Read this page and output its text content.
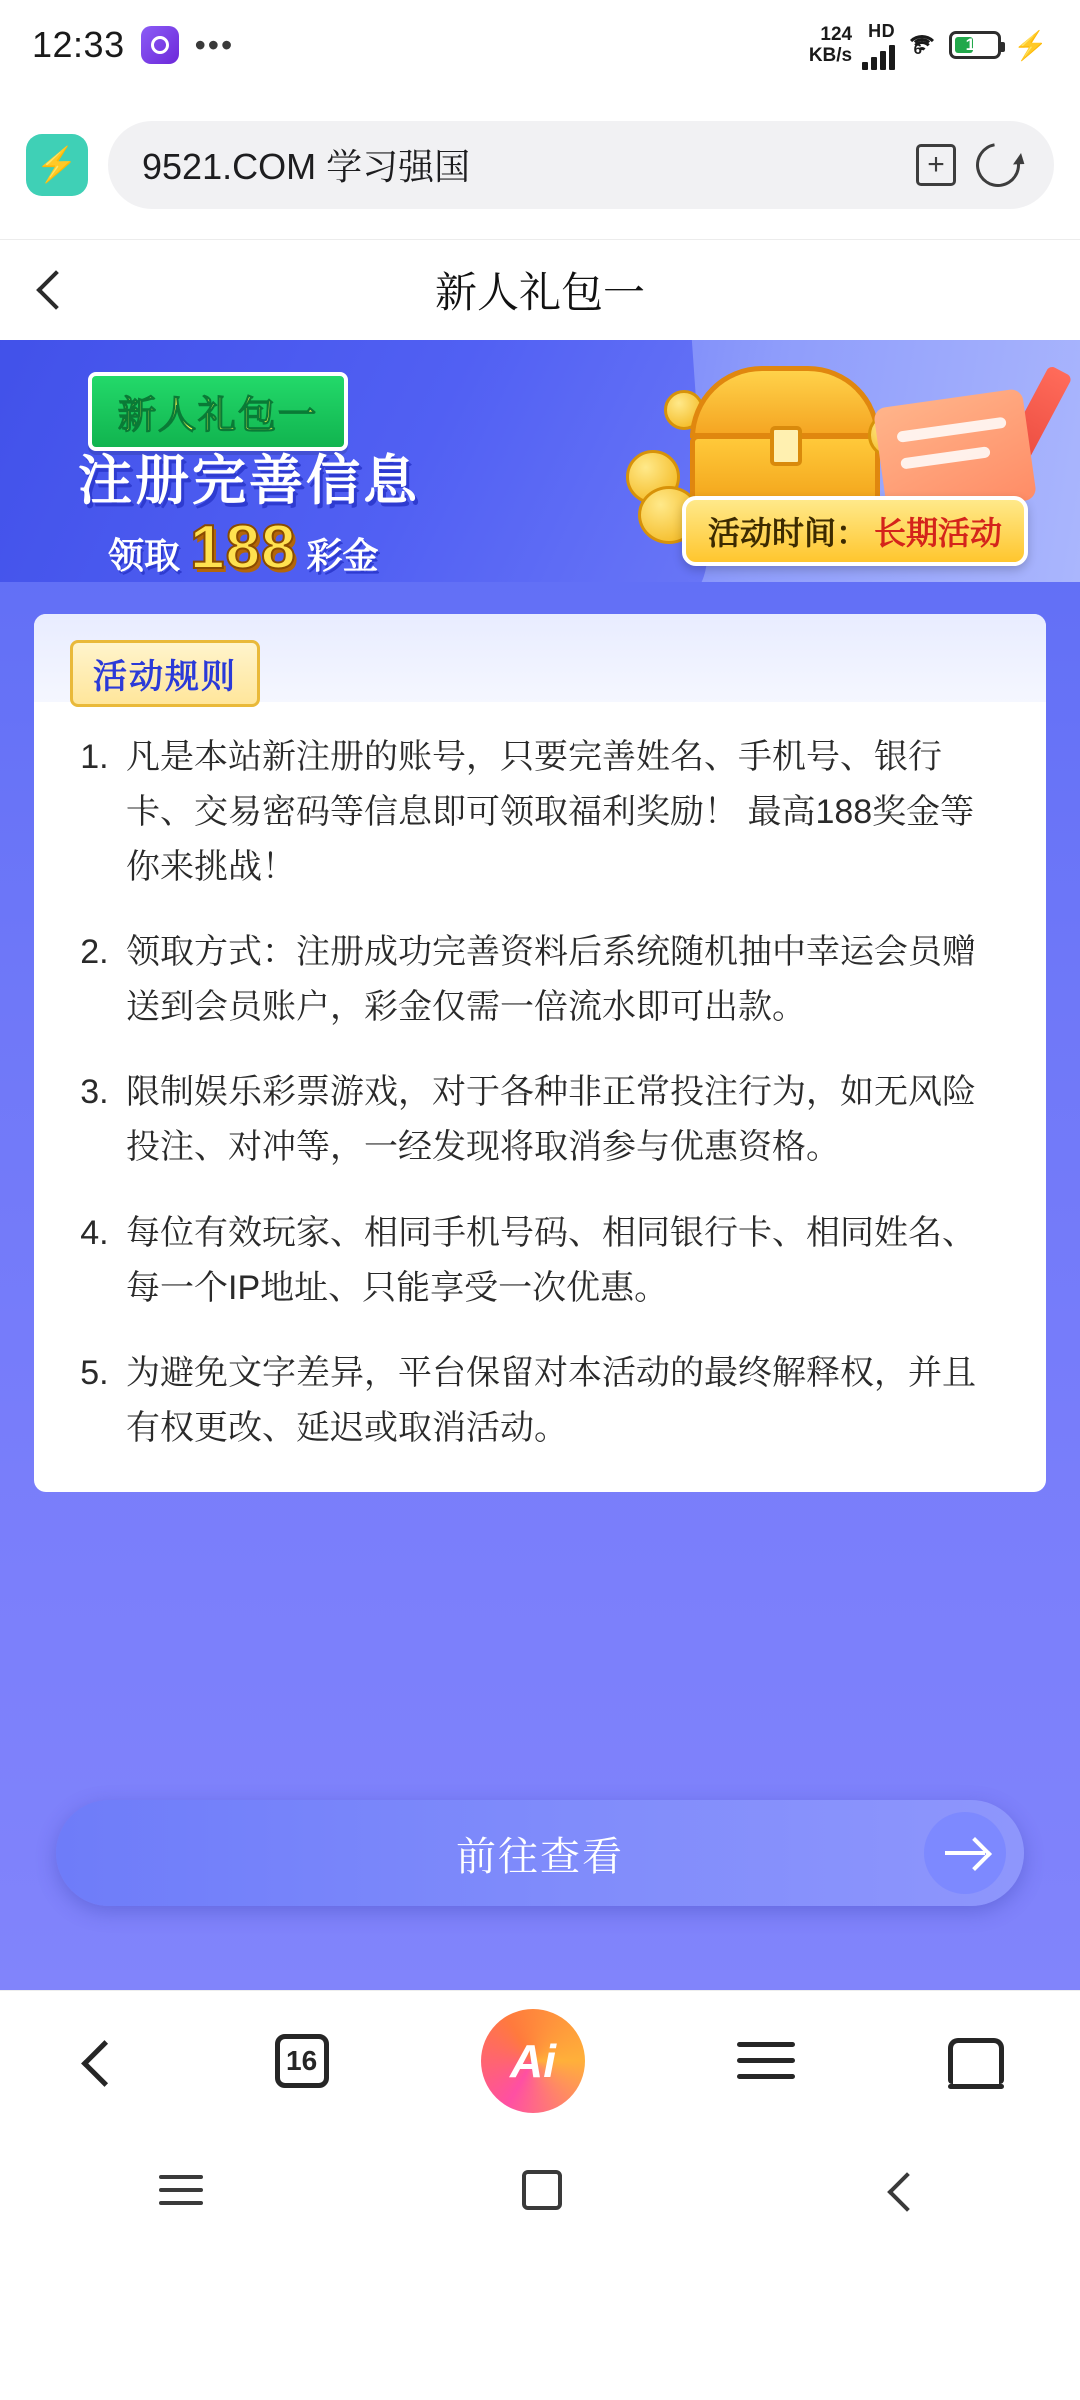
12:33 •••	124
KB/s
HD
6	15	⚡
⚡ 9521.COM 学习强国
+
新人礼包一
新人礼包一
注册完善信息
领取 188 彩金
活动时间： 长期活动
活动规则
1. 凡是本站新注册的账号，只要完善姓名、手机号、银行卡、交易密码等信息即可领取福利奖励！ 最高188奖金等你来挑战！
2. 领取方式：注册成功完善资料后系统随机抽中幸运会员赠送到会员账户，彩金仅需一倍流水即可出款。
3. 限制娱乐彩票游戏，对于各种非正常投注行为，如无风险投注、对冲等，一经发现将取消参与优惠资格。
4. 每位有效玩家、相同手机号码、相同银行卡、相同姓名、每一个IP地址、只能享受一次优惠。
5. 为避免文字差异，平台保留对本活动的最终解释权，并且有权更改、延迟或取消活动。
前往查看
16	Ai
